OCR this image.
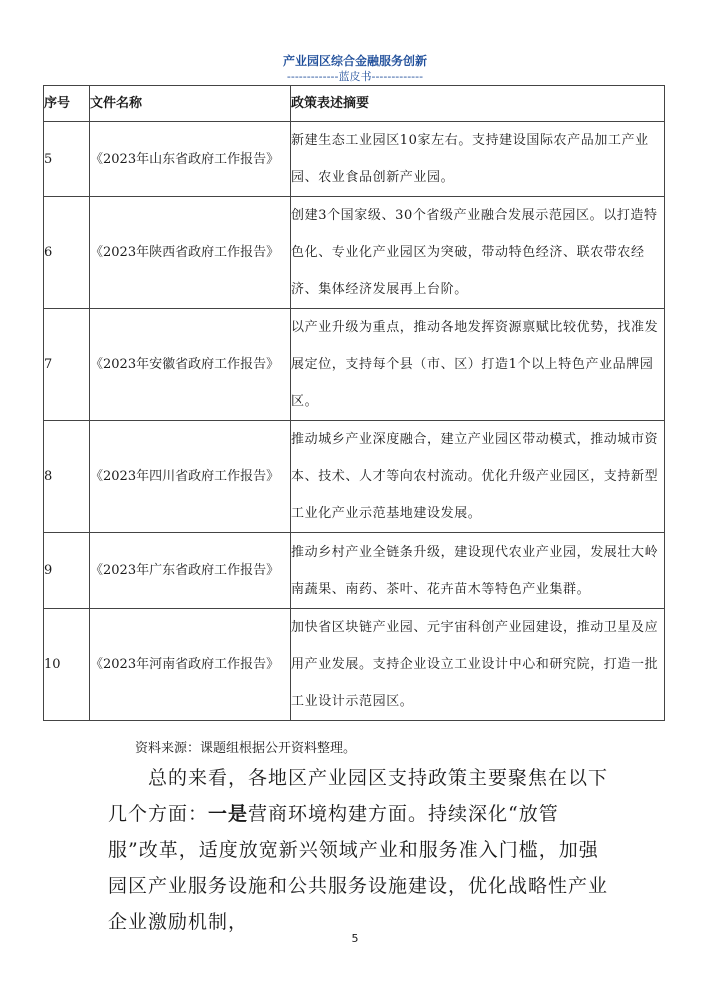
产业园区综合金融服务创新
-------------蓝皮书-------------
序号	文件名称	政策表述摘要
5	《2023年山东省政府工作报告》	新建生态工业园区10家左右。支持建设国际农产品加工产业园、农业食品创新产业园。
6	《2023年陕西省政府工作报告》	创建3个国家级、30个省级产业融合发展示范园区。以打造特色化、专业化产业园区为突破，带动特色经济、联农带农经济、集体经济发展再上台阶。
7	《2023年安徽省政府工作报告》	以产业升级为重点，推动各地发挥资源禀赋比较优势，找准发展定位，支持每个县（市、区）打造1个以上特色产业品牌园区。
8	《2023年四川省政府工作报告》	推动城乡产业深度融合，建立产业园区带动模式，推动城市资本、技术、人才等向农村流动。优化升级产业园区，支持新型工业化产业示范基地建设发展。
9	《2023年广东省政府工作报告》	推动乡村产业全链条升级，建设现代农业产业园，发展壮大岭南蔬果、南药、茶叶、花卉苗木等特色产业集群。
10	《2023年河南省政府工作报告》	加快省区块链产业园、元宇宙科创产业园建设，推动卫星及应用产业发展。支持企业设立工业设计中心和研究院，打造一批工业设计示范园区。
资料来源：课题组根据公开资料整理。
总的来看，各地区产业园区支持政策主要聚焦在以下几个方面：一是营商环境构建方面。持续深化“放管服”改革，适度放宽新兴领域产业和服务准入门槛，加强园区产业服务设施和公共服务设施建设，优化战略性产业企业激励机制，
5
